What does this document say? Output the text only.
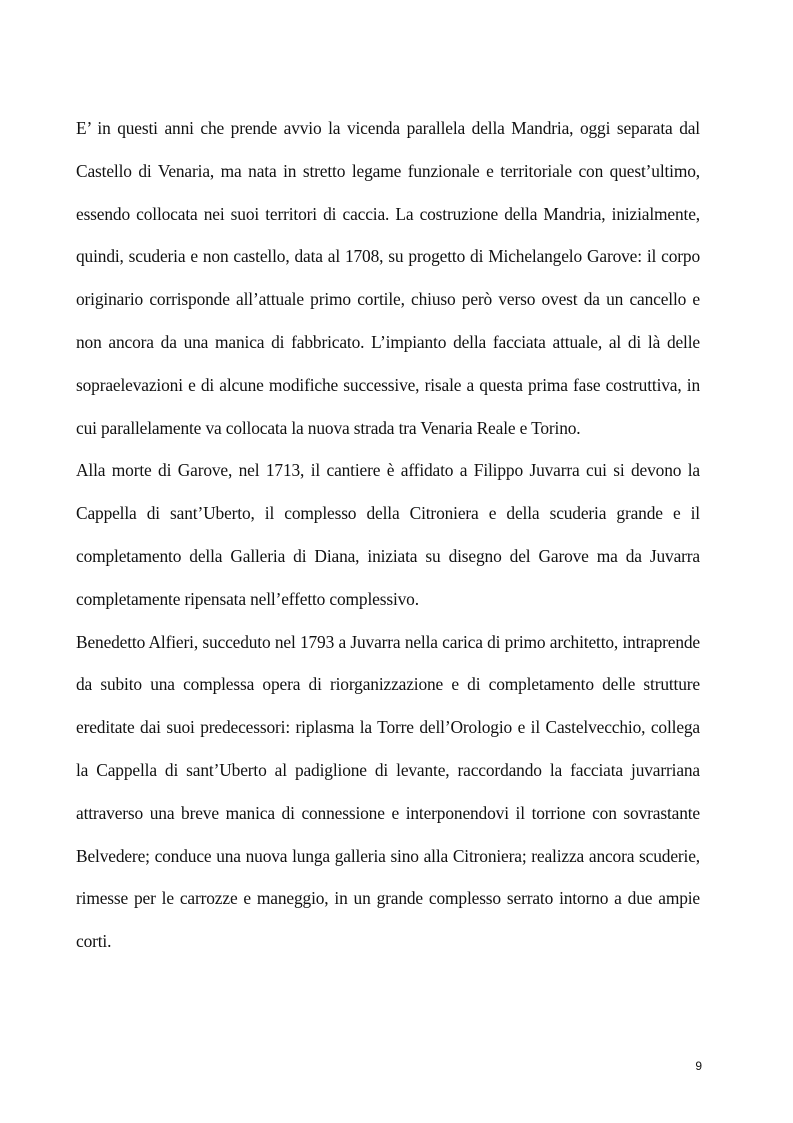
E’ in questi anni che prende avvio la vicenda parallela della Mandria, oggi separata dal Castello di Venaria, ma nata in stretto legame funzionale e territoriale con quest’ultimo, essendo collocata nei suoi territori di caccia. La costruzione della Mandria, inizialmente, quindi, scuderia e non castello, data al 1708, su progetto di Michelangelo Garove: il corpo originario corrisponde all’attuale primo cortile, chiuso però verso ovest da un cancello e non ancora da una manica di fabbricato. L’impianto della facciata attuale, al di là delle sopraelevazioni e di alcune modifiche successive, risale a questa prima fase costruttiva, in cui parallelamente va collocata la nuova strada tra Venaria Reale e Torino.

Alla morte di Garove, nel 1713, il cantiere è affidato a Filippo Juvarra cui si devono la Cappella di sant’Uberto, il complesso della Citroniera e della scuderia grande e il completamento della Galleria di Diana, iniziata su disegno del Garove ma da Juvarra completamente ripensata nell’effetto complessivo.

Benedetto Alfieri, succeduto nel 1793 a Juvarra nella carica di primo architetto, intraprende da subito una complessa opera di riorganizzazione e di completamento delle strutture ereditate dai suoi predecessori: riplasma la Torre dell’Orologio e il Castelvecchio, collega la Cappella di sant’Uberto al padiglione di levante, raccordando la facciata juvarriana attraverso una breve manica di connessione e interponendovi il torrione con sovrastante Belvedere; conduce una nuova lunga galleria sino alla Citroniera; realizza ancora scuderie, rimesse per le carrozze e maneggio, in un grande complesso serrato intorno a due ampie corti.

9
